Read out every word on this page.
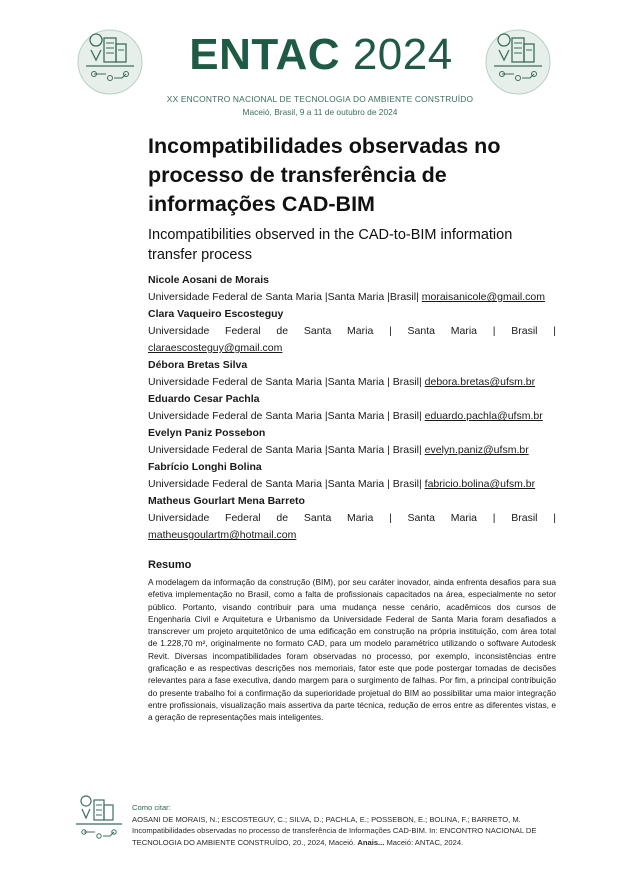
ENTAC 2024
XX ENCONTRO NACIONAL DE TECNOLOGIA DO AMBIENTE CONSTRUÍDO
Maceió, Brasil, 9 a 11 de outubro de 2024
Incompatibilidades observadas no processo de transferência de informações CAD-BIM
Incompatibilities observed in the CAD-to-BIM information transfer process
Nicole Aosani de Morais
Universidade Federal de Santa Maria |Santa Maria |Brasil| moraisanicole@gmail.com
Clara Vaqueiro Escosteguy
Universidade Federal de Santa Maria | Santa Maria | Brasil |
claraescosteguy@gmail.com
Débora Bretas Silva
Universidade Federal de Santa Maria |Santa Maria | Brasil| debora.bretas@ufsm.br
Eduardo Cesar Pachla
Universidade Federal de Santa Maria |Santa Maria | Brasil| eduardo.pachla@ufsm.br
Evelyn Paniz Possebon
Universidade Federal de Santa Maria |Santa Maria | Brasil| evelyn.paniz@ufsm.br
Fabrício Longhi Bolina
Universidade Federal de Santa Maria |Santa Maria | Brasil| fabricio.bolina@ufsm.br
Matheus Gourlart Mena Barreto
Universidade Federal de Santa Maria | Santa Maria | Brasil |
matheusgoulartm@hotmail.com
Resumo
A modelagem da informação da construção (BIM), por seu caráter inovador, ainda enfrenta desafios para sua efetiva implementação no Brasil, como a falta de profissionais capacitados na área, especialmente no setor público. Portanto, visando contribuir para uma mudança nesse cenário, acadêmicos dos cursos de Engenharia Civil e Arquitetura e Urbanismo da Universidade Federal de Santa Maria foram desafiados a transcrever um projeto arquitetônico de uma edificação em construção na própria instituição, com área total de 1.228,70 m², originalmente no formato CAD, para um modelo paramétrico utilizando o software Autodesk Revit. Diversas incompatibilidades foram observadas no processo, por exemplo, inconsistências entre graficação e as respectivas descrições nos memoriais, fator este que pode postergar tomadas de decisões relevantes para a fase executiva, dando margem para o surgimento de falhas. Por fim, a principal contribuição do presente trabalho foi a confirmação da superioridade projetual do BIM ao possibilitar uma maior integração entre profissionais, visualização mais assertiva da parte técnica, redução de erros entre as diferentes vistas, e a geração de representações mais inteligentes.
Como citar:
AOSANI DE MORAIS, N.; ESCOSTEGUY, C.; SILVA, D.; PACHLA, E.; POSSEBON, E.; BOLINA, F.; BARRETO, M.
Incompatibilidades observadas no processo de transferência de Informações CAD-BIM. In: ENCONTRO NACIONAL DE TECNOLOGIA DO AMBIENTE CONSTRUÍDO, 20., 2024, Maceió. Anais... Maceió: ANTAC, 2024.
